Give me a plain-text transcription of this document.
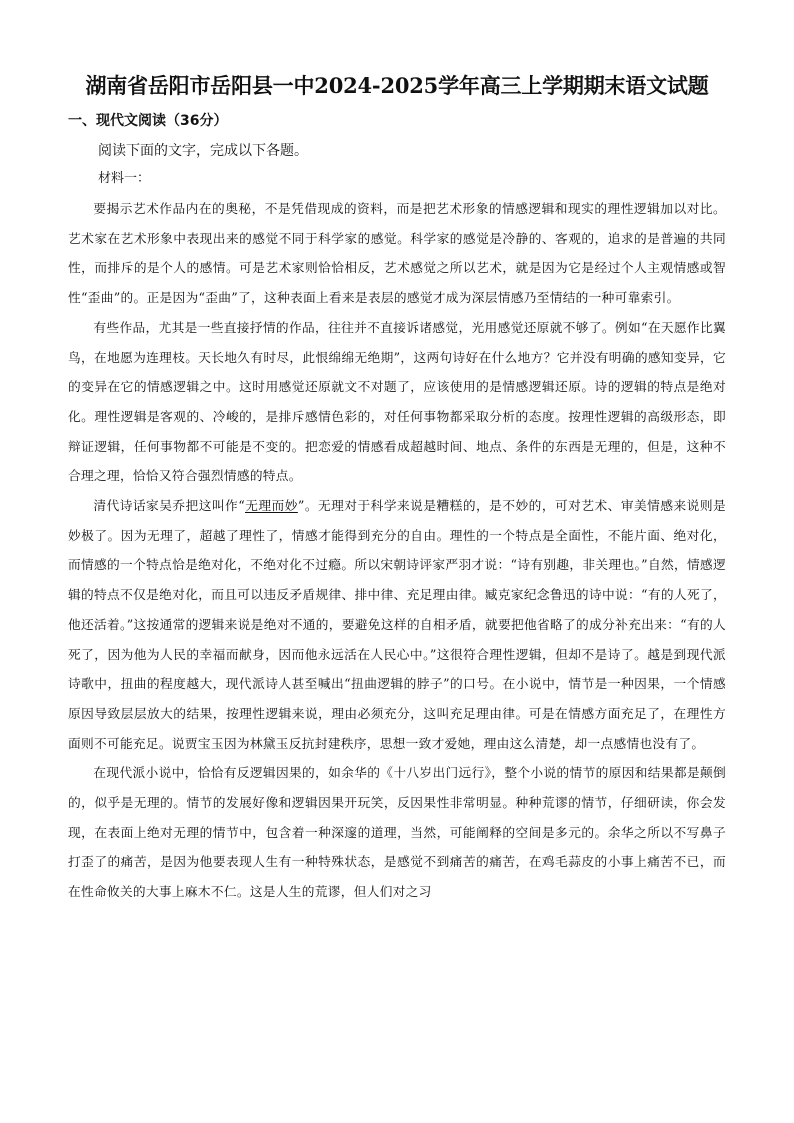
湖南省岳阳市岳阳县一中2024-2025学年高三上学期期末语文试题
一、现代文阅读（36分）
阅读下面的文字，完成以下各题。
材料一：

要揭示艺术作品内在的奥秘，不是凭借现成的资料，而是把艺术形象的情感逻辑和现实的理性逻辑加以对比。艺术家在艺术形象中表现出来的感觉不同于科学家的感觉。科学家的感觉是冷静的、客观的，追求的是普遍的共同性，而排斥的是个人的感情。可是艺术家则恰恰相反，艺术感觉之所以艺术，就是因为它是经过个人主观情感或智性“歪曲”的。正是因为“歪曲”了，这种表面上看来是表层的感觉才成为深层情感乃至情结的一种可靠索引。

有些作品，尤其是一些直接抒情的作品，往往并不直接诉诸感觉，光用感觉还原就不够了。例如“在天愿作比翼鸟，在地愿为连理枝。天长地久有时尽，此恨绵绵无绝期”，这两句诗好在什么地方？它并没有明确的感知变异，它的变异在它的情感逻辑之中。这时用感觉还原就文不对题了，应该使用的是情感逻辑还原。诗的逻辑的特点是绝对化。理性逻辑是客观的、冷峻的，是排斥感情色彩的，对任何事物都采取分析的态度。按理性逻辑的高级形态，即辩证逻辑，任何事物都不可能是不变的。把恋爱的情感看成超越时间、地点、条件的东西是无理的，但是，这种不合理之理，恰恰又符合强烈情感的特点。

清代诗话家吴乔把这叫作“无理而妙”。无理对于科学来说是糟糕的，是不妙的，可对艺术、审美情感来说则是妙极了。因为无理了，超越了理性了，情感才能得到充分的自由。理性的一个特点是全面性，不能片面、绝对化，而情感的一个特点恰是绝对化，不绝对化不过瘾。所以宋朝诗评家严羽才说：“诗有别趣，非关理也。”自然，情感逻辑的特点不仅是绝对化，而且可以违反矛盾规律、排中律、充足理由律。臧克家纪念鲁迅的诗中说：“有的人死了，他还活着。”这按通常的逻辑来说是绝对不通的，要避免这样的自相矛盾，就要把他省略了的成分补充出来：“有的人死了，因为他为人民的幸福而献身，因而他永远活在人民心中。”这很符合理性逻辑，但却不是诗了。越是到现代派诗歌中，扭曲的程度越大，现代派诗人甚至喊出“扭曲逻辑的脖子”的口号。在小说中，情节是一种因果，一个情感原因导致层层放大的结果，按理性逻辑来说，理由必须充分，这叫充足理由律。可是在情感方面充足了，在理性方面则不可能充足。说贾宝玉因为林黛玉反抗封建秩序，思想一致才爱她，理由这么清楚，却一点感情也没有了。

在现代派小说中，恰恰有反逻辑因果的，如余华的《十八岁出门远行》，整个小说的情节的原因和结果都是颠倒的，似乎是无理的。情节的发展好像和逻辑因果开玩笑，反因果性非常明显。种种荒谬的情节，仔细研读，你会发现，在表面上绝对无理的情节中，包含着一种深邃的道理，当然，可能阐释的空间是多元的。余华之所以不写鼻子打歪了的痛苦，是因为他要表现人生有一种特殊状态，是感觉不到痛苦的痛苦，在鸡毛蒜皮的小事上痛苦不已，而在性命攸关的大事上麻木不仁。这是人生的荒谬，但人们对之习
